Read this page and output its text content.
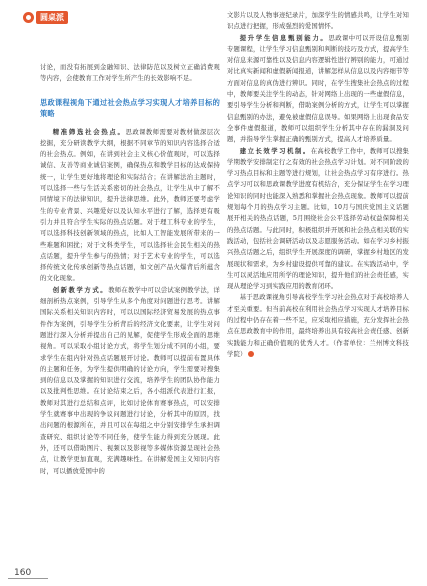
圆桌派

讨论，而没有拓展到金融知识、法律防范以及树立正确消费观等内容，会使教育工作对学生所产生的长效影响不足。

思政课程视角下通过社会热点学习实现人才培养目标的策略

精准筛选社会热点。思政课教师需要对教材做深层次挖掘，充分研读教学大纲，根据不同章节的知识内容选择合适的社会热点。例如，在讲到社会主义核心价值观时，可以选择诚信、友善等商业诚信案例，确保热点和教学目标的达成保持统一，让学生更好地将理论和实际结合；在讲解法治主题时，可以选择一些与生活关系密切的社会热点，让学生从中了解不同情境下的法律知识，提升法律思维。此外，教师还要考虑学生的专业背景、兴趣爱好以及认知水平进行了解，选择更有吸引力并且符合学生实际的热点话题。对于理工科专业的学生，可以选择科技创新领域的热点，比如人工智能发展所带来的一些难题和困扰；对于文科类学生，可以选择社会民生相关的热点话题，提升学生参与的热情；对于艺术专业的学生，可以选择传统文化传承创新等热点话题，如文创产品火爆背后所蕴含的文化现象。

创新教学方式。教师在教学中可以尝试案例教学法，详细剖析热点案例，引导学生从多个角度对问题进行思考。讲解国际关系相关知识内容时，可以以国际经济贸易发展的热点事件作为案例，引导学生分析背后的经济文化要素，让学生对问题进行深入分析并提出自己的见解，促使学生形成全面的思维视角。可以采取小组讨论方式，将学生划分成不同的小组，要求学生在组内针对热点话题展开讨论。教师可以提前布置具体的主题和任务，为学生提供明确的讨论方向，学生需要对搜集到的信息以及掌握的知识进行交流，培养学生的团队协作能力以及批判性思维。在讨论结束之后，各小组派代表进行汇报，教师对其进行总结和点评，比如讨论体育赛事热点，可以安排学生就赛事中出现的争议问题进行讨论，分析其中的原因，找出问题的根源所在，并且可以在每组之中分别安排学生承担调查研究、组织讨论等不同任务，使学生能力得到充分展现。此外，还可以借助图片、视频以及影视等多媒体资源呈现社会热点，让教学更加直观，充满趣味性。在讲解爱国主义知识内容时，可以播放爱国中的

文影片以及人物事迹纪录片，加深学生的情感共鸣，让学生对知识点进行把握，形成强烈的爱国情怀。

提升学生信息甄别能力。思政课中可以开设信息甄别专题课程，让学生学习信息甄别和判断的技巧及方式，提高学生对信息来源可靠性以及信息内容逻辑性进行辨别的能力，可通过对比真实新闻和虚假新闻报道，讲解怎样从信息以及内容细节等方面对信息的真伪进行辨识。同时，在学生搜集社会热点的过程中，教师要关注学生的动态，针对网络上出现的一些虚假信息，要引导学生分析和判断，借助案例分析的方式，让学生可以掌握信息甄别的办法，避免被虚假信息误导。如果网络上出现食品安全事件虚假报道，教师可以组织学生分析其中存在的漏洞及问题，并指导学生掌握正确的甄别方式，提高人才培养质量。

建立长效学习机制。在高校教学工作中，教师可以搜集学期教学安排制定行之有效的社会热点学习计划。对不同阶段的学习热点目标和主题等进行规划，让社会热点学习有序进行。热点学习可以和思政课教学进度有机结合，充分保证学生在学习理论知识的同时也能深入熟悉和掌握社会热点现象。教师可以提前规划每个月的热点学习主题。比如，10月与国庆党国主义话题展开相关的热点话题，5月围绕社会公平选择劳动权益保障相关的热点话题。与此同时，积极组织并开展和社会热点相关联的实践活动，包括社会调研活动以及志愿服务活动。如在学习乡村振兴热点话题之后，组织学生开展深度的调研，掌握乡村地区的发展现状和需求，为乡村建设提供可靠的建议。在实践活动中，学生可以灵活地应用所学的理论知识，提升他们的社会责任感，实现从理论学习到实践应用的教育闭环。

基于思政课视角引导高校学生学习社会热点对于高校培养人才至关重要。但当前高校在利用社会热点学习实现人才培养目标的过程中仍存在着一些不足，应采取相应措施，充分发挥社会热点在思政教育中的作用，最终培养出具有较高社会责任感、创新实践能力和正确价值观的优秀人才。（作者单位：兰州博文科技学院）

160
